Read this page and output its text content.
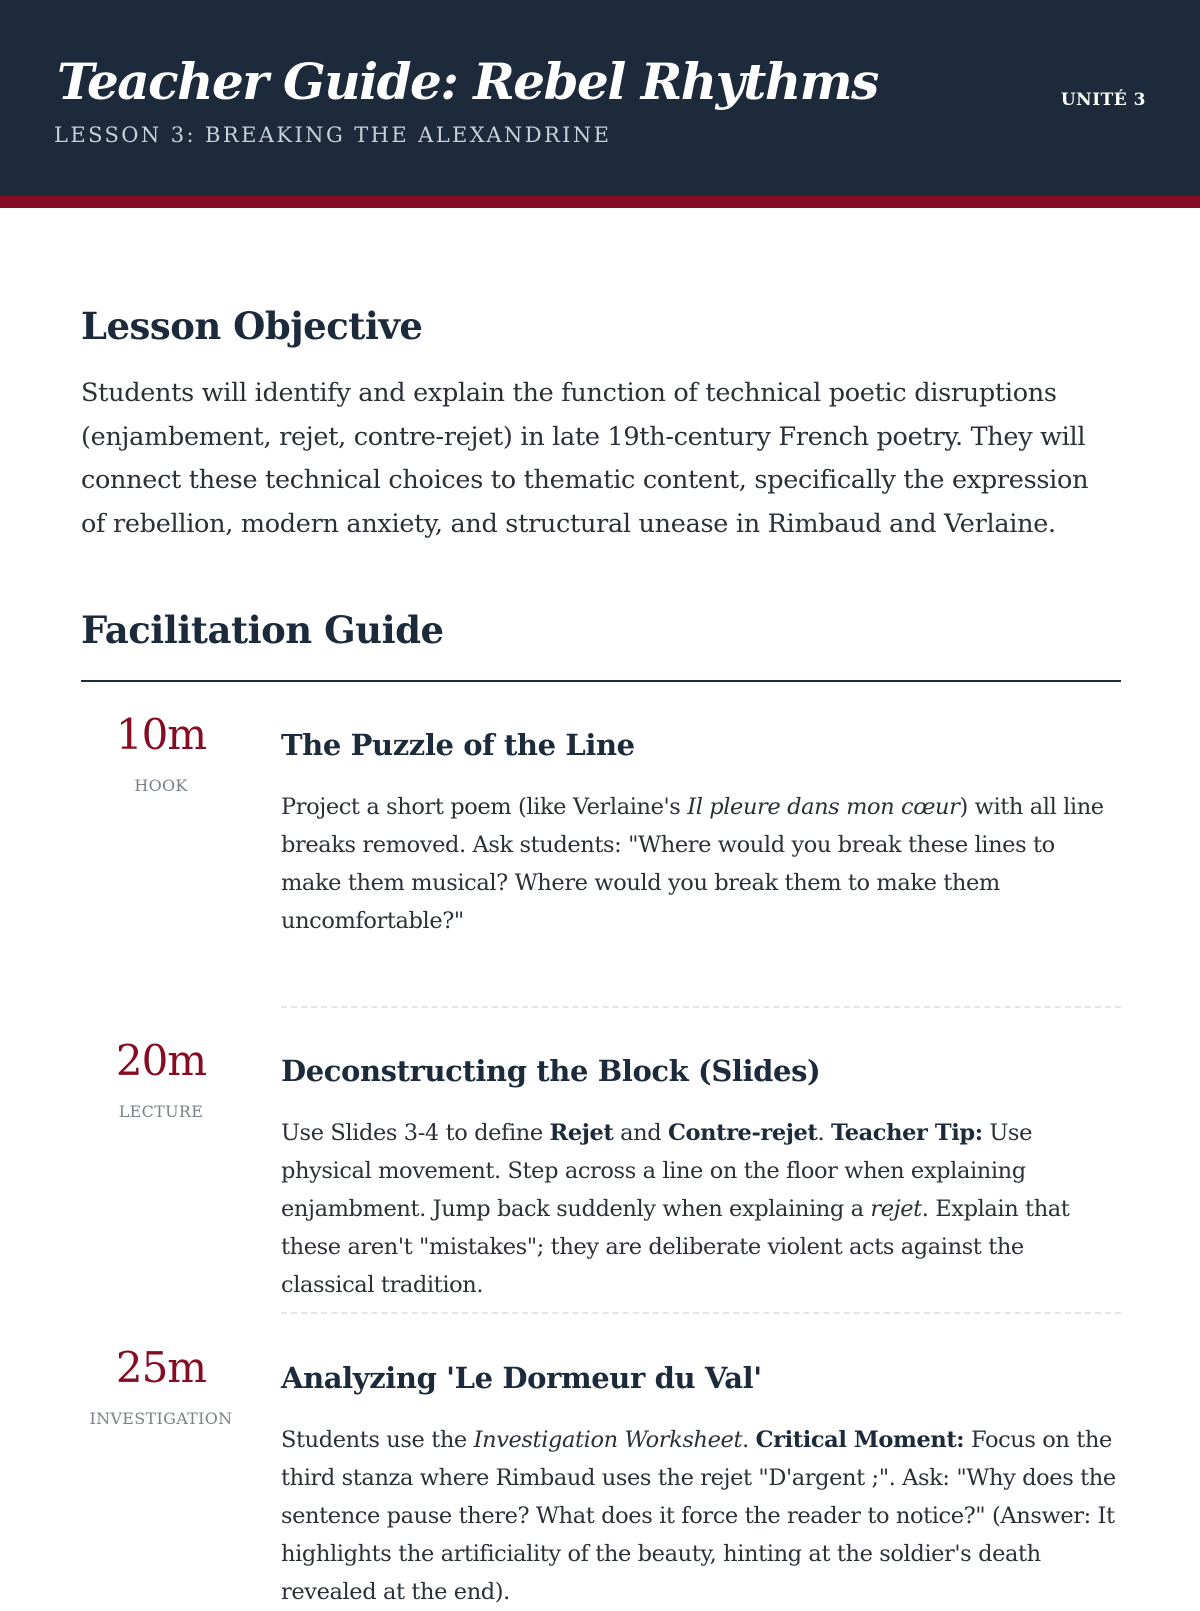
Teacher Guide: Rebel Rhythms
LESSON 3: BREAKING THE ALEXANDRINE
UNITÉ 3
Lesson Objective

Students will identify and explain the function of technical poetic disruptions (enjambement, rejet, contre-rejet) in late 19th-century French poetry. They will connect these technical choices to thematic content, specifically the expression of rebellion, modern anxiety, and structural unease in Rimbaud and Verlaine.

Facilitation Guide
10m
HOOK
The Puzzle of the Line

Project a short poem (like Verlaine's Il pleure dans mon cœur) with all line breaks removed. Ask students: "Where would you break these lines to make them musical? Where would you break them to make them uncomfortable?"

20m
LECTURE
Deconstructing the Block (Slides)

Use Slides 3-4 to define Rejet and Contre-rejet. Teacher Tip: Use physical movement. Step across a line on the floor when explaining enjambment. Jump back suddenly when explaining a rejet. Explain that these aren't "mistakes"; they are deliberate violent acts against the classical tradition.

25m
INVESTIGATION
Analyzing 'Le Dormeur du Val'

Students use the Investigation Worksheet. Critical Moment: Focus on the third stanza where Rimbaud uses the rejet "D'argent ;". Ask: "Why does the sentence pause there? What does it force the reader to notice?" (Answer: It highlights the artificiality of the beauty, hinting at the soldier's death revealed at the end).
